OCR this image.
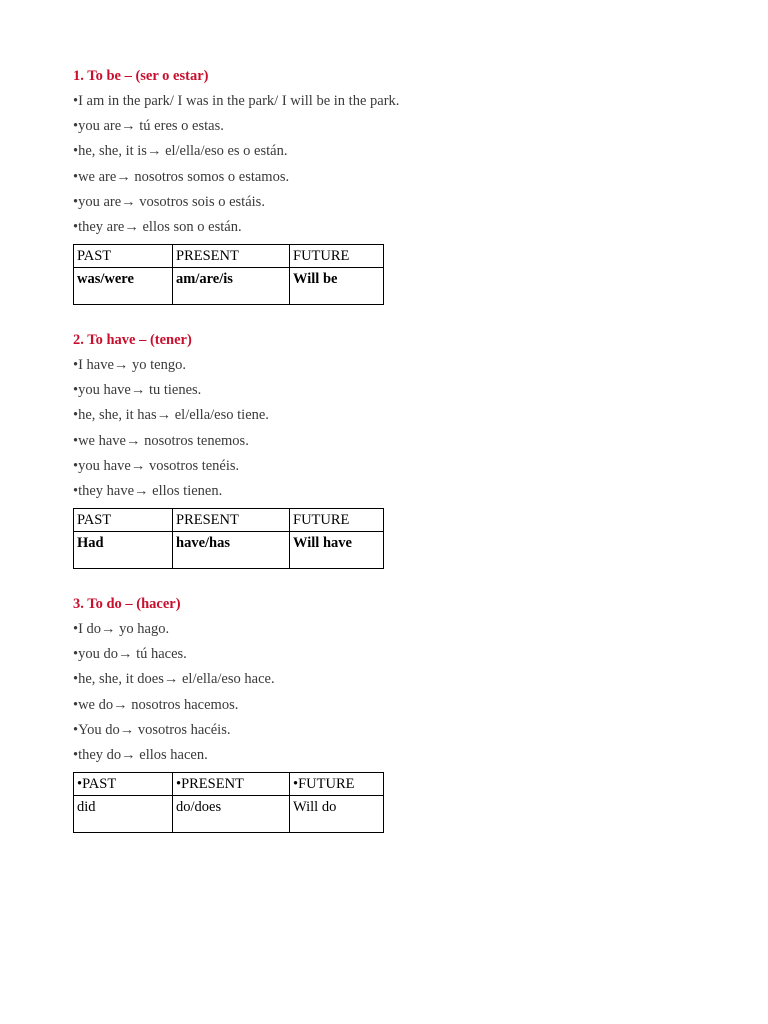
1. To be – (ser o estar)
•I am in the park/ I was in the park/ I will be in the park.
•you are→ tú eres o estas.
•he, she, it is→ el/ella/eso es o están.
•we are→ nosotros somos o estamos.
•you are→ vosotros sois o estáis.
•they are→ ellos son o están.
PAST	PRESENT	FUTURE
was/were	am/are/is	Will be
2. To have – (tener)
•I have→ yo tengo.
•you have→ tu tienes.
•he, she, it has→ el/ella/eso tiene.
•we have→ nosotros tenemos.
•you have→ vosotros tenéis.
•they have→ ellos tienen.
PAST	PRESENT	FUTURE
Had	have/has	Will have
3. To do – (hacer)
•I do→ yo hago.
•you do→ tú haces.
•he, she, it does→ el/ella/eso hace.
•we do→ nosotros hacemos.
•You do→ vosotros hacéis.
•they do→ ellos hacen.
•PAST	•PRESENT	•FUTURE
did	do/does	Will do
